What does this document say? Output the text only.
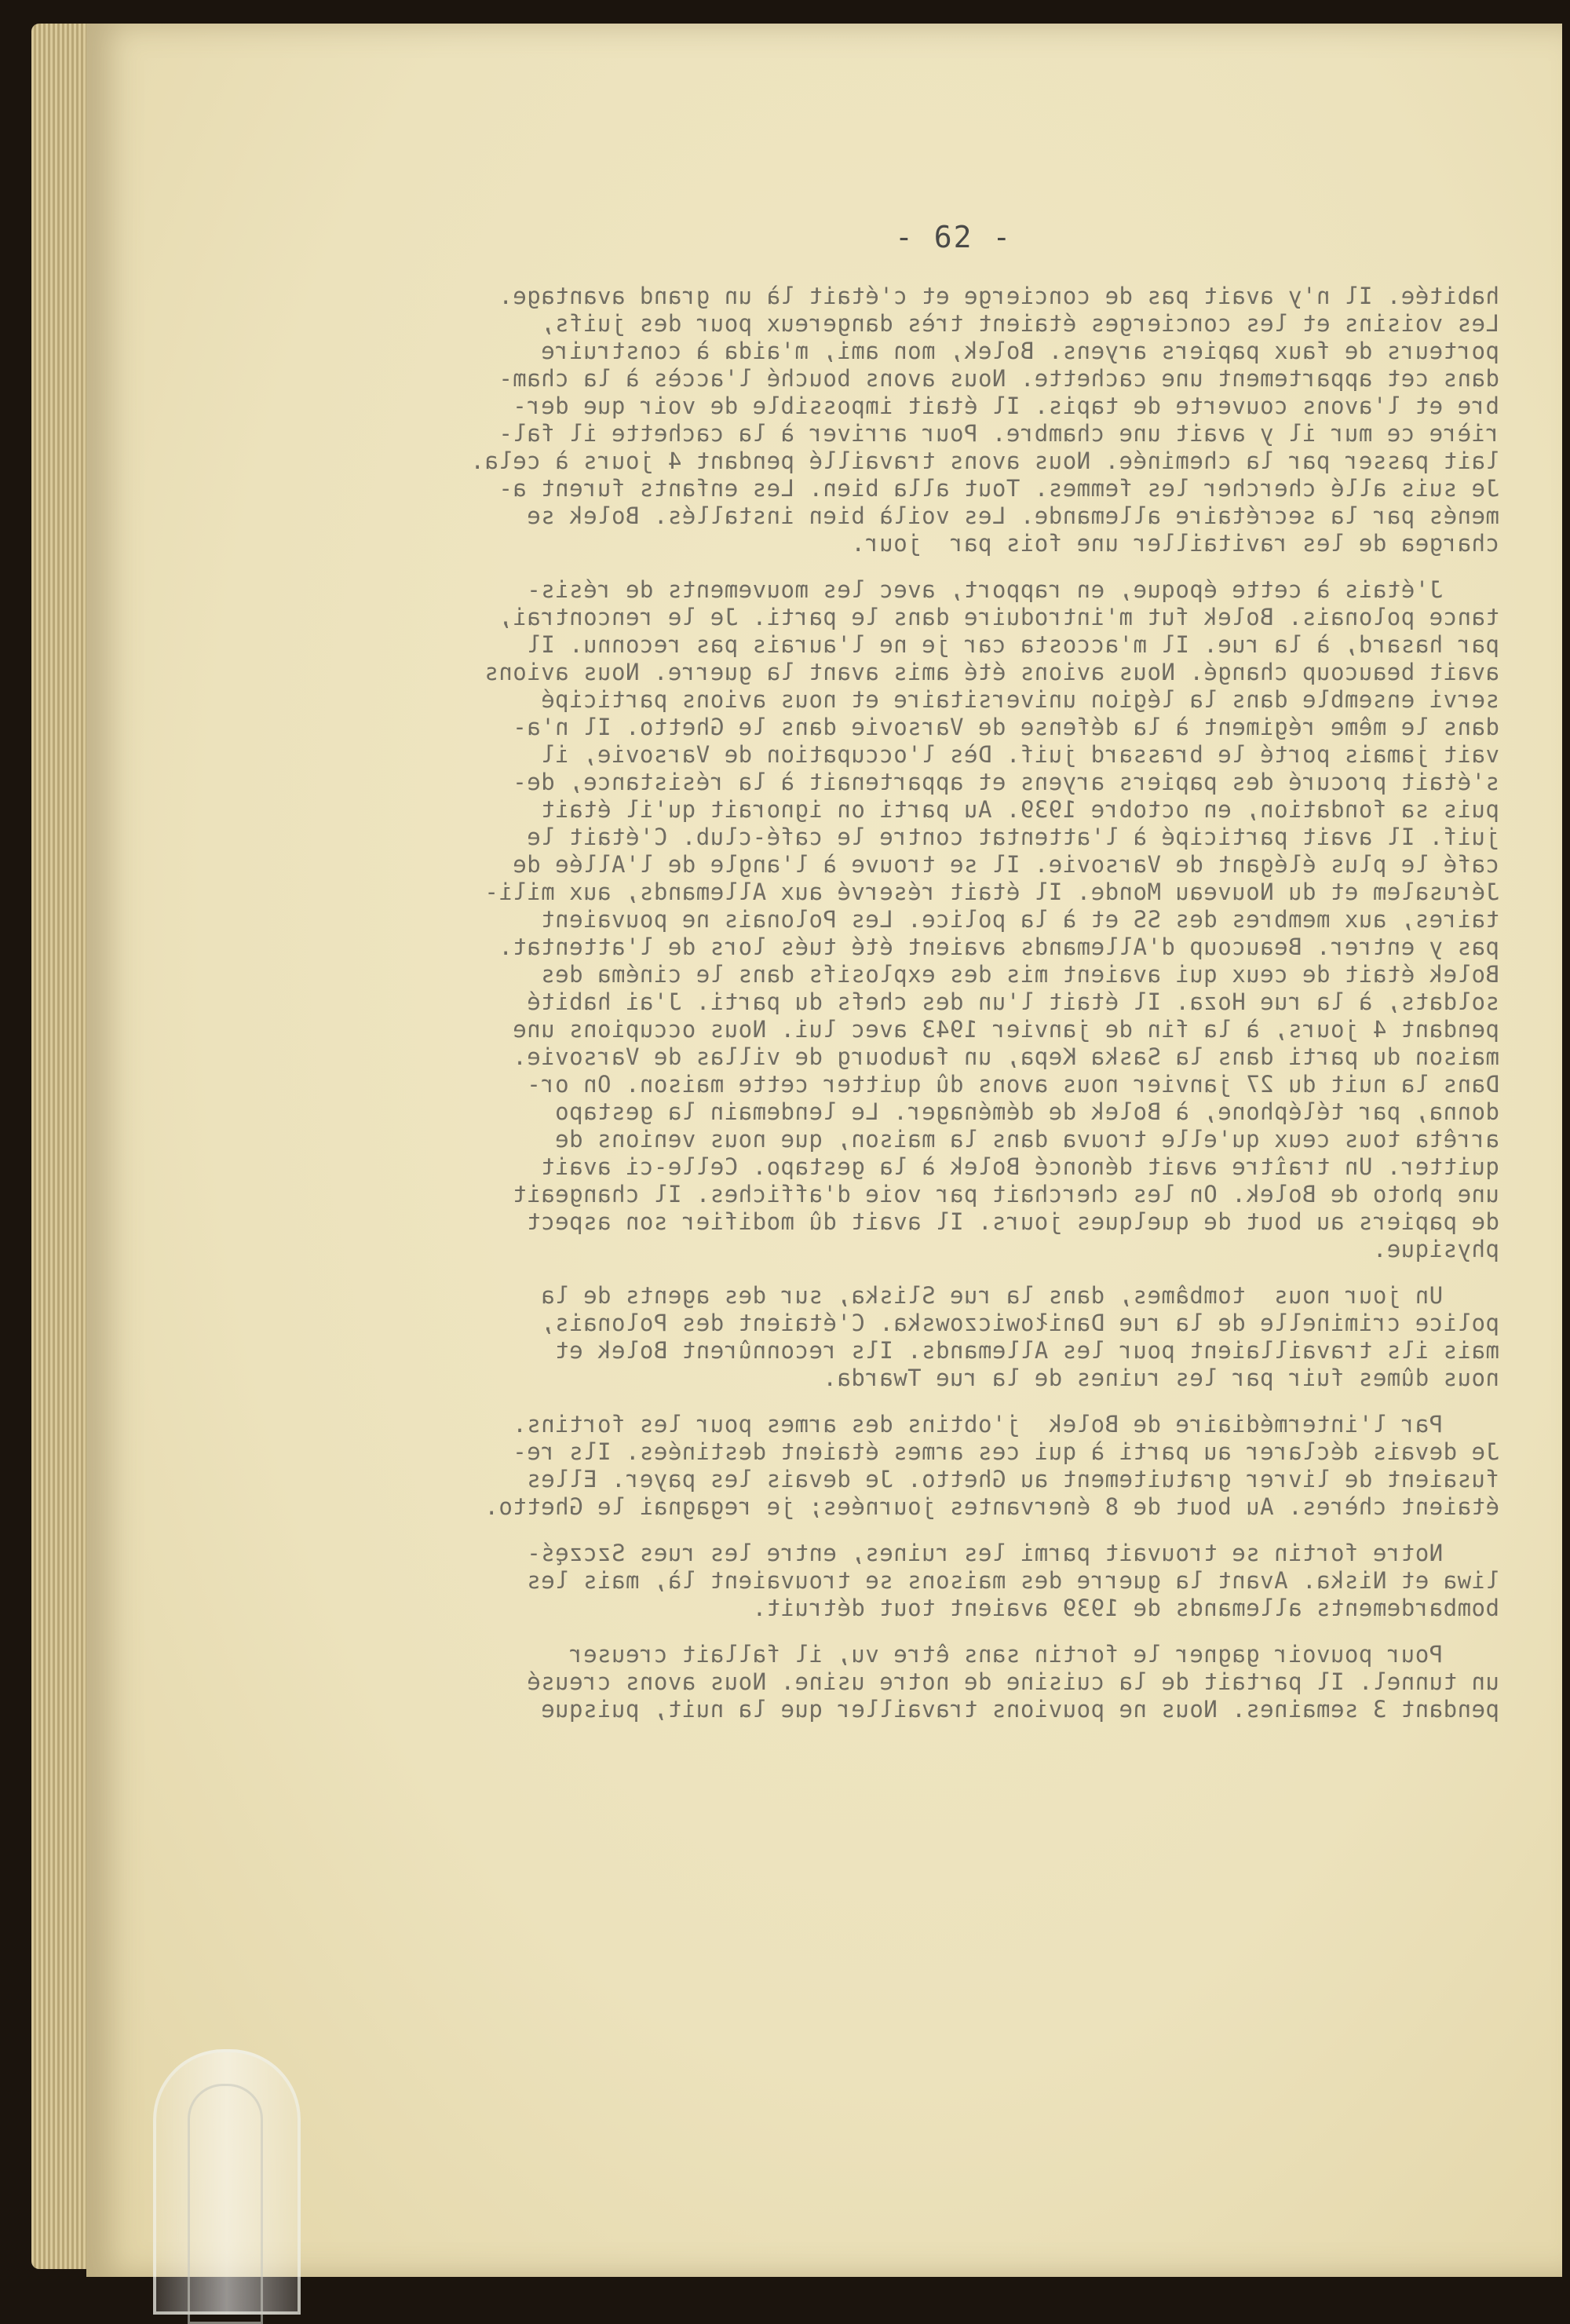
- 62 -
habitée. Il n'y avait pas de concierge et c'était là un grand avantage.
Les voisins et les concierges étaient très dangereux pour des juifs,
porteurs de faux papiers aryens. Bolek, mon ami, m'aida à construire
dans cet appartement une cachette. Nous avons bouché l'accès à la cham-
bre et l'avons couverte de tapis. Il était impossible de voir que der-
rière ce mur il y avait une chambre. Pour arriver à la cachette il fal-
lait passer par la cheminée. Nous avons travaillé pendant 4 jours à cela.
Je suis allé chercher les femmes. Tout alla bien. Les enfants furent a-
menés par la secrétaire allemande. Les voilà bien installés. Bolek se
chargea de les ravitailler une fois par  jour.
J'étais à cette époque, en rapport, avec les mouvements de résis-
tance polonais. Bolek fut m'introduire dans le parti. Je le rencontrai,
par hasard, à la rue. Il m'accosta car je ne l'aurais pas reconnu. Il
avait beaucoup changé. Nous avions été amis avant la guerre. Nous avions
servi ensemble dans la légion universitaire et nous avions participé
dans le même régiment à la défense de Varsovie dans le Ghetto. Il n'a-
vait jamais porté le brassard juif. Dès l'occupation de Varsovie, il
s'était procuré des papiers aryens et appartenait à la résistance, de-
puis sa fondation, en octobre 1939. Au parti on ignorait qu'il était
juif. Il avait participé à l'attentat contre le café-club. C'était le
café le plus élégant de Varsovie. Il se trouve à l'angle de l'Allée de
Jérusalem et du Nouveau Monde. Il était réservé aux Allemands, aux mili-
taires, aux membres des SS et à la police. Les Polonais ne pouvaient
pas y entrer. Beaucoup d'Allemands avaient été tués lors de l'attentat.
Bolek était de ceux qui avaient mis des explosifs dans le cinéma des
soldats, à la rue Hoza. Il était l'un des chefs du parti. J'ai habité
pendant 4 jours, à la fin de janvier 1943 avec lui. Nous occupions une
maison du parti dans la Saska Kepa, un faubourg de villas de Varsovie.
Dans la nuit du 27 janvier nous avons dû quitter cette maison. On or-
donna, par téléphone, à Bolek de déménager. Le lendemain la gestapo
arrêta tous ceux qu'elle trouva dans la maison, que nous venions de
quitter. Un traître avait dénoncé Bolek à la gestapo. Celle-ci avait
une photo de Bolek. On les cherchait par voie d'affiches. Il changeait
de papiers au bout de quelques jours. Il avait dû modifier son aspect
physique.
Un jour nous  tombâmes, dans la rue Sliska, sur des agents de la
police criminelle de la rue Daniłowiczowska. C'étaient des Polonais,
mais ils travaillaient pour les Allemands. Ils reconnûrent Bolek et
nous dûmes fuir par les ruines de la rue Twarda.
Par l'intermédiaire de Bolek  j'obtins des armes pour les fortins.
Je devais déclarer au parti à qui ces armes étaient destinées. Ils re-
fusaient de livrer gratuitement au Ghetto. Je devais les payer. Elles
étaient chères. Au bout de 8 énervantes journées; je regagnai le Ghetto.
Notre fortin se trouvait parmi les ruines, entre les rues Szczęś-
liwa et Niska. Avant la guerre des maisons se trouvaient là, mais les
bombardements allemands de 1939 avaient tout détruit.
Pour pouvoir gagner le fortin sans être vu, il fallait creuser
un tunnel. Il partait de la cuisine de notre usine. Nous avons creusé
pendant 3 semaines. Nous ne pouvions travailler que la nuit, puisque
